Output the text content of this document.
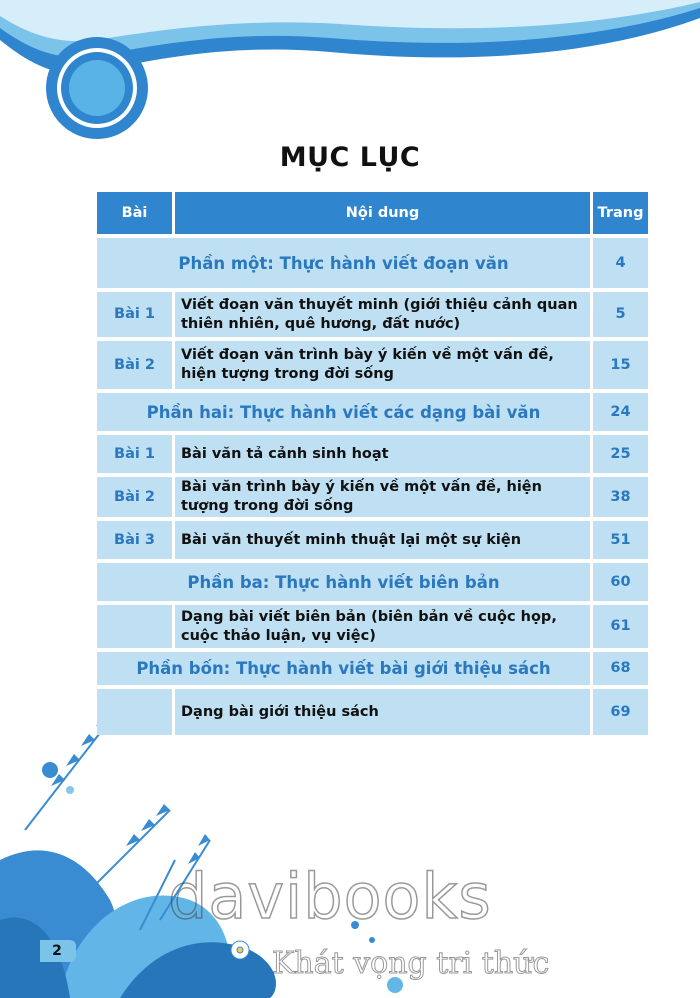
MỤC LỤC
Bài	Nội dung	Trang
Phần một: Thực hành viết đoạn văn		4
Bài 1	Viết đoạn văn thuyết minh (giới thiệu cảnh quan thiên nhiên, quê hương, đất nước)	5
Bài 2	Viết đoạn văn trình bày ý kiến về một vấn đề, hiện tượng trong đời sống	15
Phần hai: Thực hành viết các dạng bài văn		24
Bài 1	Bài văn tả cảnh sinh hoạt	25
Bài 2	Bài văn trình bày ý kiến về một vấn đề, hiện tượng trong đời sống	38
Bài 3	Bài văn thuyết minh thuật lại một sự kiện	51
Phần ba: Thực hành viết biên bản		60
	Dạng bài viết biên bản (biên bản về cuộc họp, cuộc thảo luận, vụ việc)	61
Phần bốn: Thực hành viết bài giới thiệu sách		68
	Dạng bài giới thiệu sách	69
2
davibooks
Khát vọng tri thức
